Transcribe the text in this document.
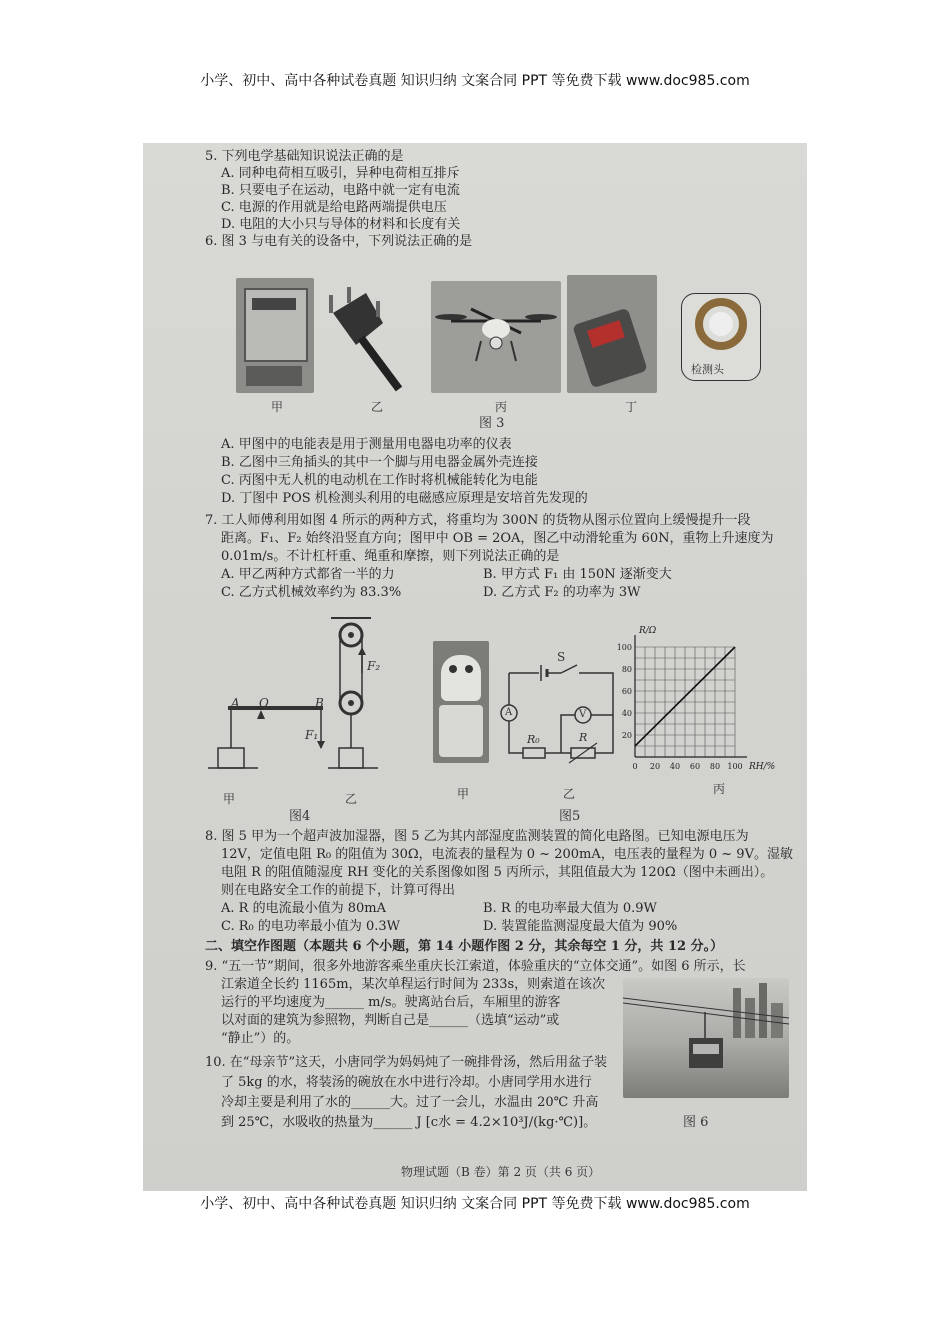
小学、初中、高中各种试卷真题 知识归纳 文案合同 PPT 等免费下载 www.doc985.com
小学、初中、高中各种试卷真题 知识归纳 文案合同 PPT 等免费下载 www.doc985.com
5. 下列电学基础知识说法正确的是
A. 同种电荷相互吸引，异种电荷相互排斥
B. 只要电子在运动，电路中就一定有电流
C. 电源的作用就是给电路两端提供电压
D. 电阻的大小只与导体的材料和长度有关
6. 图 3 与电有关的设备中，下列说法正确的是
检测头
甲	乙	丙	丁
图 3
A. 甲图中的电能表是用于测量用电器电功率的仪表
B. 乙图中三角插头的其中一个脚与用电器金属外壳连接
C. 丙图中无人机的电动机在工作时将机械能转化为电能
D. 丁图中 POS 机检测头利用的电磁感应原理是安培首先发现的
7. 工人师傅利用如图 4 所示的两种方式，将重均为 300N 的货物从图示位置向上缓慢提升一段
距离。F₁、F₂ 始终沿竖直方向；图甲中 OB = 2OA，图乙中动滑轮重为 60N，重物上升速度为
0.01m/s。不计杠杆重、绳重和摩擦，则下列说法正确的是
A. 甲乙两种方式都省一半的力	B. 甲方式 F₁ 由 150N 逐渐变大
C. 乙方式机械效率约为 83.3%	D. 乙方式 F₂ 的功率为 3W
A O	B
F₁
F₂
甲	乙
图4
甲
S
A	V
R₀	R
乙
图5
0 20 40 60 80 100
20
40
60
80
100
RH/%
R/Ω
丙
8. 图 5 甲为一个超声波加湿器，图 5 乙为其内部湿度监测装置的简化电路图。已知电源电压为
12V，定值电阻 R₀ 的阻值为 30Ω，电流表的量程为 0 ~ 200mA，电压表的量程为 0 ~ 9V。湿敏
电阻 R 的阻值随湿度 RH 变化的关系图像如图 5 丙所示，其阻值最大为 120Ω（图中未画出）。
则在电路安全工作的前提下，计算可得出
A. R 的电流最小值为 80mA	B. R 的电功率最大值为 0.9W
C. R₀ 的电功率最小值为 0.3W	D. 装置能监测湿度最大值为 90%
二、填空作图题（本题共 6 个小题，第 14 小题作图 2 分，其余每空 1 分，共 12 分。）
9. “五一节”期间，很多外地游客乘坐重庆长江索道，体验重庆的“立体交通”。如图 6 所示，长
江索道全长约 1165m，某次单程运行时间为 233s，则索道在该次
运行的平均速度为______ m/s。驶离站台后，车厢里的游客
以对面的建筑为参照物，判断自己是______（选填“运动”或
“静止”）的。
图 6
10. 在“母亲节”这天，小唐同学为妈妈炖了一碗排骨汤，然后用盆子装
了 5kg 的水，将装汤的碗放在水中进行冷却。小唐同学用水进行
冷却主要是利用了水的______大。过了一会儿，水温由 20℃ 升高
到 25℃，水吸收的热量为______ J [c水 = 4.2×10³J/(kg·℃)]。
物理试题（B 卷）第 2 页（共 6 页）
